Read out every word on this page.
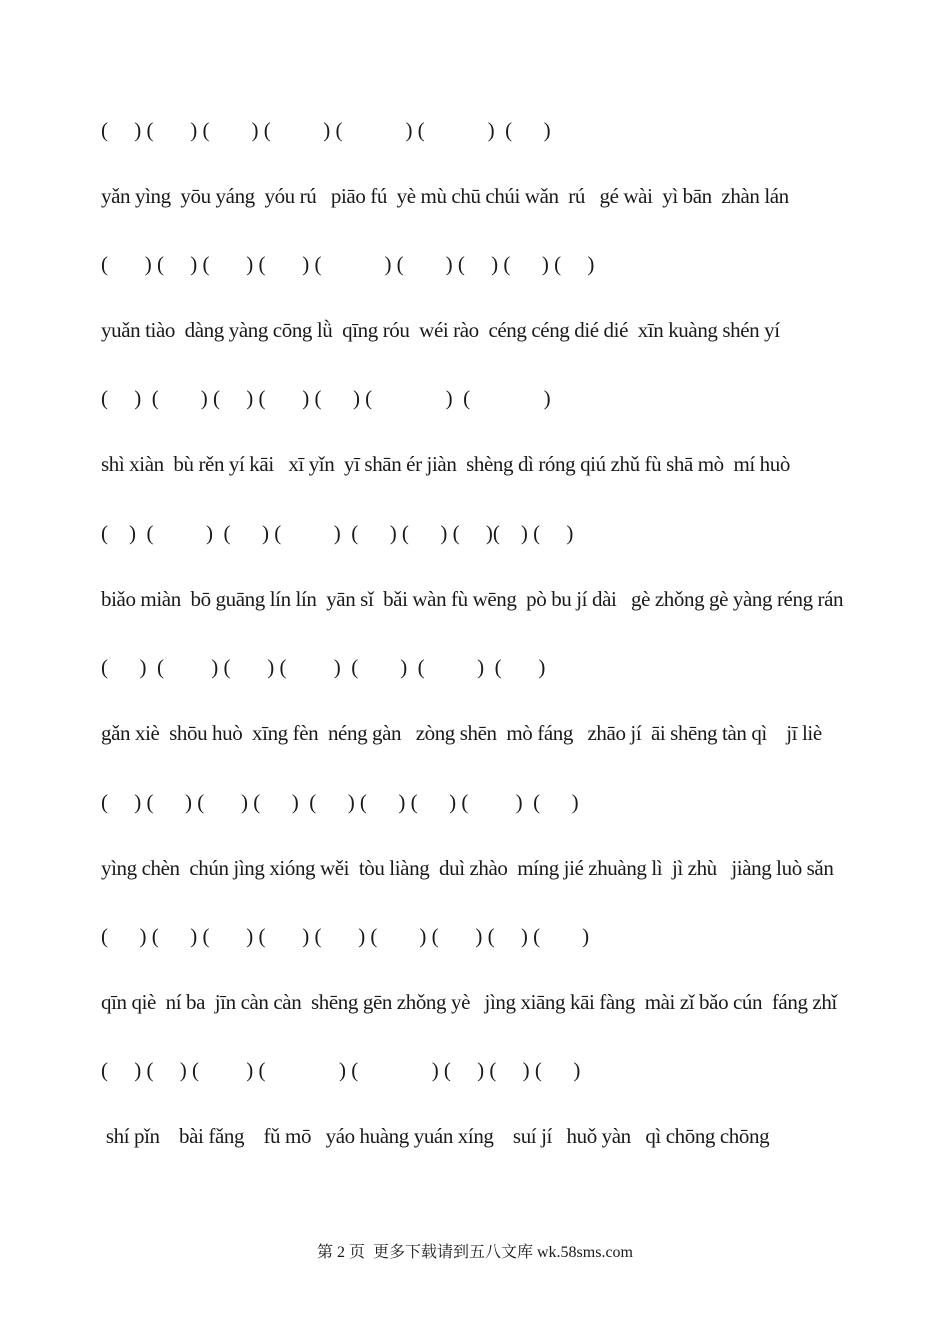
(     ) (       ) (        ) (          ) (            ) (            )  (      )
yǎn yìng  yōu yáng  yóu rú   piāo fú  yè mù chū chúi wǎn  rú   gé wài  yì bān  zhàn lán
(       ) (     ) (       ) (       ) (            ) (        ) (     ) (      ) (     )
yuǎn tiào  dàng yàng cōng lǜ  qīng róu  wéi rào  céng céng dié dié  xīn kuàng shén yí
(     )  (        ) (     ) (       ) (      ) (              )  (              )
shì xiàn  bù rěn yí kāi   xī yǐn  yī shān ér jiàn  shèng dì róng qiú zhǔ fù shā mò  mí huò
(    )  (          )  (      ) (          )  (      ) (      ) (     )(    ) (     )
biǎo miàn  bō guāng lín lín  yān sǐ  bǎi wàn fù wēng  pò bu jí dài   gè zhǒng gè yàng réng rán
(      )  (         ) (       ) (         )  (        )  (          )  (       )
gǎn xiè  shōu huò  xīng fèn  néng gàn   zòng shēn  mò fáng   zhāo jí  āi shēng tàn qì    jī liè
(     ) (      ) (       ) (      )  (      ) (      ) (      ) (         )  (      )
yìng chèn  chún jìng xióng wěi  tòu liàng  duì zhào  míng jié zhuàng lì  jì zhù   jiàng luò sǎn
(      ) (      ) (       ) (       ) (       ) (        ) (       ) (     ) (        )
qīn qiè  ní ba  jīn càn càn  shēng gēn zhǒng yè   jìng xiāng kāi fàng  mài zǐ bǎo cún  fáng zhǐ
(     ) (     ) (         ) (              ) (              ) (     ) (     ) (      )
shí pǐn    bài fǎng    fǔ mō   yáo huàng yuán xíng    suí jí   huǒ yàn   qì chōng chōng
第 2 页  更多下载请到五八文库 wk.58sms.com
